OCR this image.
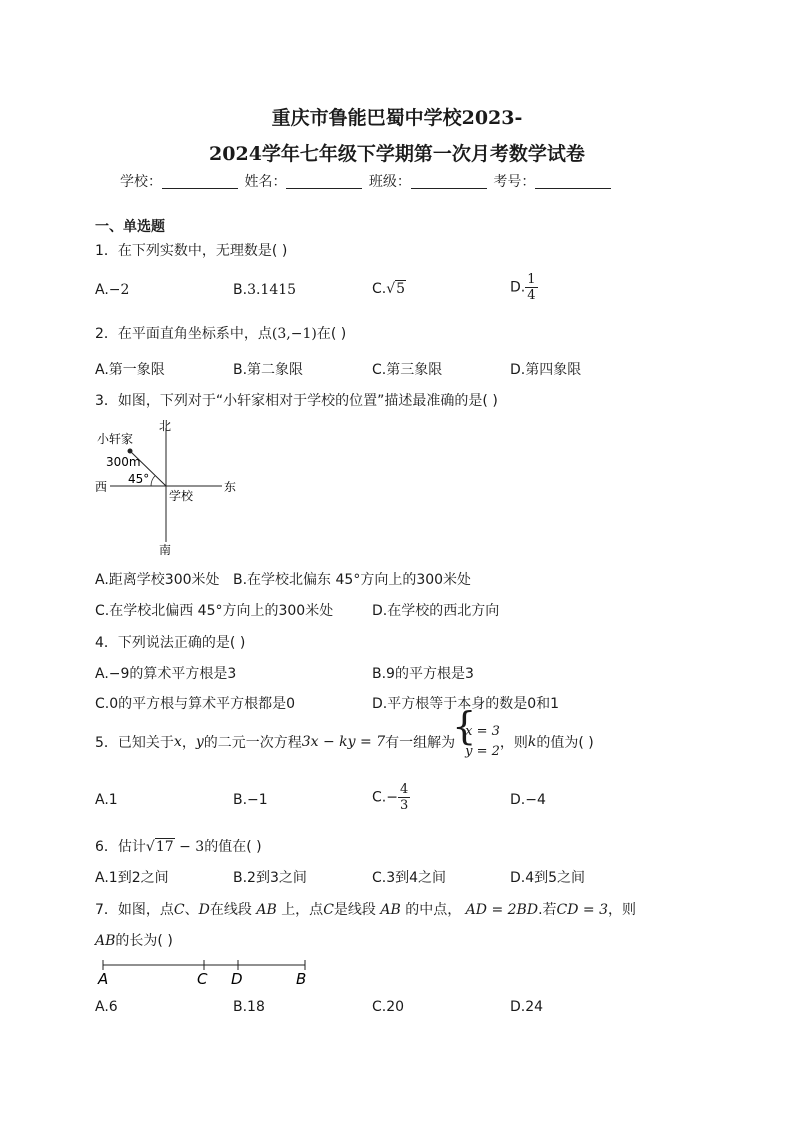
重庆市鲁能巴蜀中学校2023-
2024学年七年级下学期第一次月考数学试卷
学校：	姓名：	班级：	考号：
一、单选题
1．在下列实数中，无理数是( )
A.−2	B.3.1415	C.√5	D. $\frac{1}{4}$
2．在平面直角坐标系中，点(3,−1)在( )
A.第一象限	B.第二象限	C.第三象限	D.第四象限
3．如图，下列对于“小轩家相对于学校的位置”描述最准确的是( )
北
南
东
西
小轩家
300m
45°
学校
A.距离学校300米处 B.在学校北偏东 45°方向上的300米处
C.在学校北偏西 45°方向上的300米处	D.在学校的西北方向
4．下列说法正确的是( )
A.−9的算术平方根是3	B.9的平方根是3
C.0的平方根与算术平方根都是0	D.平方根等于本身的数是0和1
5．已知关于x，y的二元一次方程3x − ky = 7有一组解为
{ x = 3
y = 2
，则k的值为( )
A.1	B.−1	$C.- \frac{4}{3}$	D.−4
6．估计√17 − 3的值在( )
A.1到2之间	B.2到3之间	C.3到4之间	D.4到5之间
7．如图，点C、D在线段 AB 上，点C是线段 AB 的中点， AD = 2BD.若CD = 3，则
AB的长为( )
A	C D	B
A.6	B.18	C.20	D.24
